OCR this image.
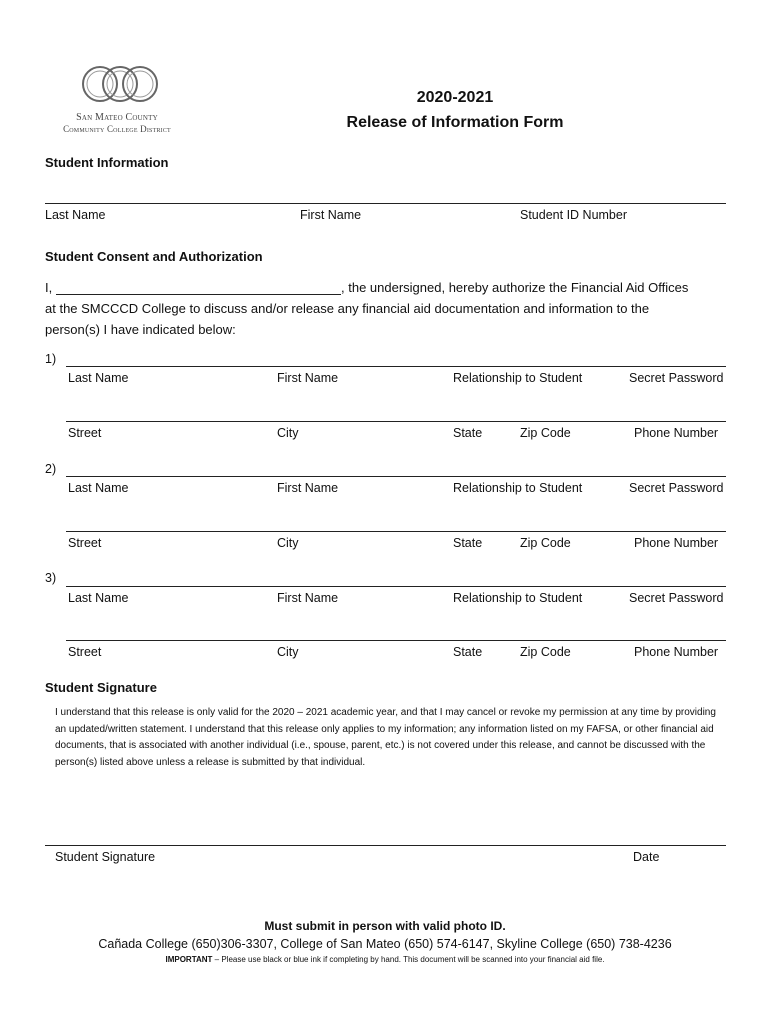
San Mateo County
Community College District
2020-2021
Release of Information Form
Student Information
Last Name	First Name	Student ID Number
Student Consent and Authorization
I,	, the undersigned, hereby authorize the Financial Aid Offices
at the SMCCCD College to discuss and/or release any financial aid documentation and information to the
person(s) I have indicated below:
1)
Last Name	First Name	Relationship to Student	Secret Password
Street	City	State	Zip Code	Phone Number
2)
Last Name	First Name	Relationship to Student	Secret Password
Street	City	State	Zip Code	Phone Number
3)
Last Name	First Name	Relationship to Student	Secret Password
Street	City	State	Zip Code	Phone Number
Student Signature
I understand that this release is only valid for the 2020 – 2021 academic year, and that I may cancel or revoke my permission at any time by providing an updated/written statement. I understand that this release only applies to my information; any information listed on my FAFSA, or other financial aid documents, that is associated with another individual (i.e., spouse, parent, etc.) is not covered under this release, and cannot be discussed with the person(s) listed above unless a release is submitted by that individual.
Student Signature	Date
Must submit in person with valid photo ID.
Cañada College (650)306-3307, College of San Mateo (650) 574-6147, Skyline College (650) 738-4236
IMPORTANT – Please use black or blue ink if completing by hand. This document will be scanned into your financial aid file.
